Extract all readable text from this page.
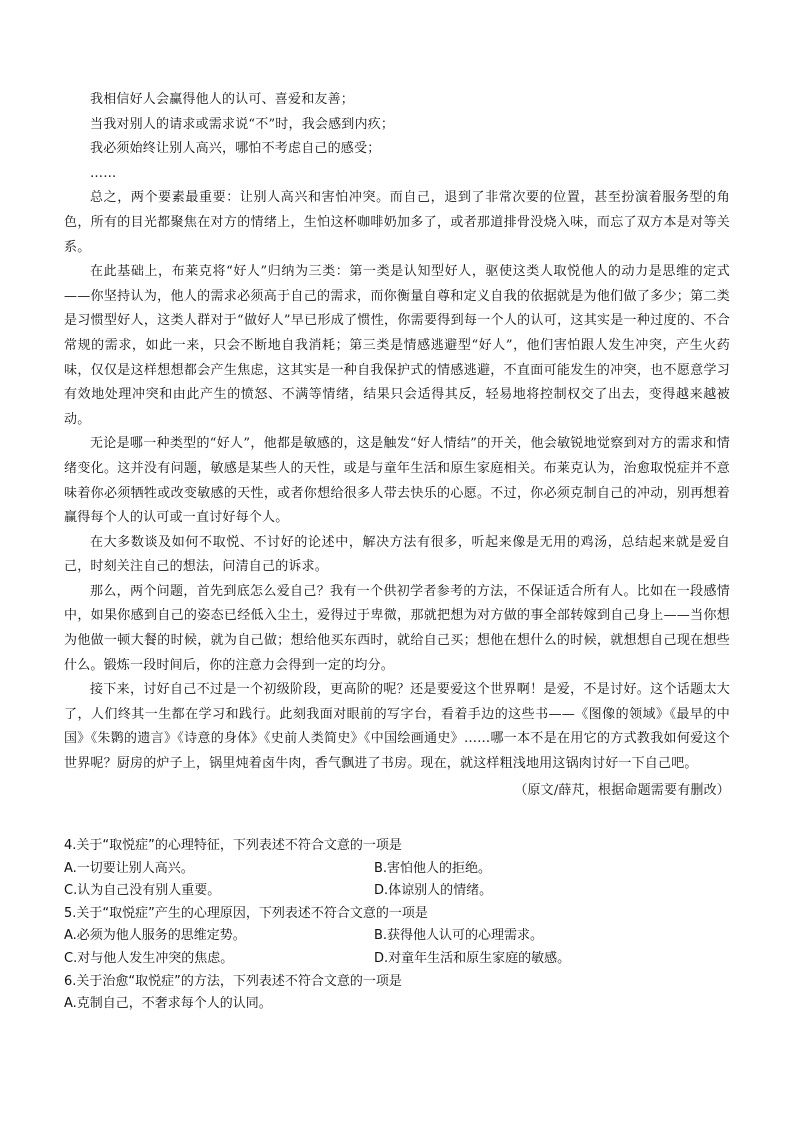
我相信好人会赢得他人的认可、喜爱和友善；

当我对别人的请求或需求说“不”时，我会感到内疚；

我必须始终让别人高兴，哪怕不考虑自己的感受；

……

总之，两个要素最重要：让别人高兴和害怕冲突。而自己，退到了非常次要的位置，甚至扮演着服务型的角色，所有的目光都聚焦在对方的情绪上，生怕这杯咖啡奶加多了，或者那道排骨没烧入味，而忘了双方本是对等关系。

在此基础上，布莱克将“好人”归纳为三类：第一类是认知型好人，驱使这类人取悦他人的动力是思维的定式——你坚持认为，他人的需求必须高于自己的需求，而你衡量自尊和定义自我的依据就是为他们做了多少；第二类是习惯型好人，这类人群对于“做好人”早已形成了惯性，你需要得到每一个人的认可，这其实是一种过度的、不合常规的需求，如此一来，只会不断地自我消耗；第三类是情感逃避型“好人”，他们害怕跟人发生冲突，产生火药味，仅仅是这样想想都会产生焦虑，这其实是一种自我保护式的情感逃避，不直面可能发生的冲突，也不愿意学习有效地处理冲突和由此产生的愤怒、不满等情绪，结果只会适得其反，轻易地将控制权交了出去，变得越来越被动。

无论是哪一种类型的“好人”，他都是敏感的，这是触发“好人情结”的开关，他会敏锐地觉察到对方的需求和情绪变化。这并没有问题，敏感是某些人的天性，或是与童年生活和原生家庭相关。布莱克认为，治愈取悦症并不意味着你必须牺牲或改变敏感的天性，或者你想给很多人带去快乐的心愿。不过，你必须克制自己的冲动，别再想着赢得每个人的认可或一直讨好每个人。

在大多数谈及如何不取悦、不讨好的论述中，解决方法有很多，听起来像是无用的鸡汤，总结起来就是爱自己，时刻关注自己的想法，问清自己的诉求。

那么，两个问题，首先到底怎么爱自己？我有一个供初学者参考的方法，不保证适合所有人。比如在一段感情中，如果你感到自己的姿态已经低入尘土，爱得过于卑微，那就把想为对方做的事全部转嫁到自己身上——当你想为他做一顿大餐的时候，就为自己做；想给他买东西时，就给自己买；想他在想什么的时候，就想想自己现在想些什么。锻炼一段时间后，你的注意力会得到一定的均分。

接下来，讨好自己不过是一个初级阶段，更高阶的呢？还是要爱这个世界啊！是爱，不是讨好。这个话题太大了，人们终其一生都在学习和践行。此刻我面对眼前的写字台，看着手边的这些书——《图像的领域》《最早的中国》《朱鹮的遗言》《诗意的身体》《史前人类简史》《中国绘画通史》……哪一本不是在用它的方式教我如何爱这个世界呢？厨房的炉子上，锅里炖着卤牛肉，香气飘进了书房。现在，就这样粗浅地用这锅肉讨好一下自己吧。

（原文/薛芃，根据命题需要有删改）

4.关于“取悦症”的心理特征，下列表述不符合文意的一项是

A.一切要让别人高兴。	B.害怕他人的拒绝。

C.认为自己没有别人重要。	D.体谅别人的情绪。

5.关于“取悦症”产生的心理原因，下列表述不符合文意的一项是

A.必须为他人服务的思维定势。	B.获得他人认可的心理需求。

C.对与他人发生冲突的焦虑。	D.对童年生活和原生家庭的敏感。

6.关于治愈“取悦症”的方法，下列表述不符合文意的一项是

A.克制自己，不奢求每个人的认同。
